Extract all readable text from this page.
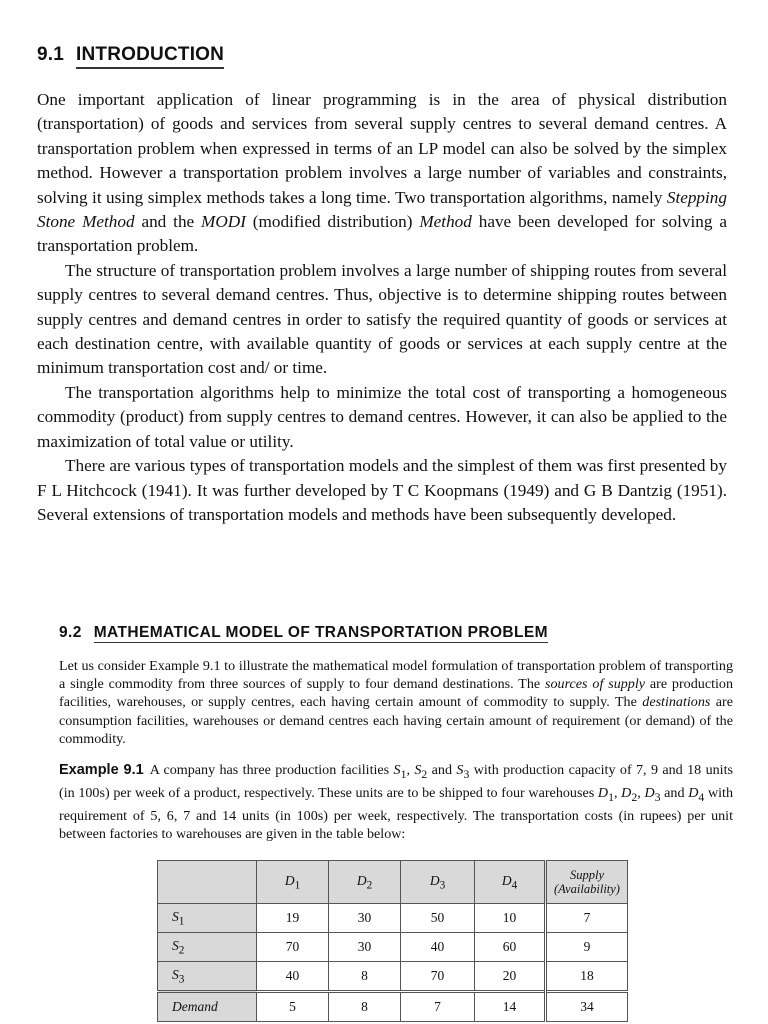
9.1 INTRODUCTION

One important application of linear programming is in the area of physical distribution (transportation) of goods and services from several supply centres to several demand centres. A transportation problem when expressed in terms of an LP model can also be solved by the simplex method. However a transportation problem involves a large number of variables and constraints, solving it using simplex methods takes a long time. Two transportation algorithms, namely Stepping Stone Method and the MODI (modified distribution) Method have been developed for solving a transportation problem.

The structure of transportation problem involves a large number of shipping routes from several supply centres to several demand centres. Thus, objective is to determine shipping routes between supply centres and demand centres in order to satisfy the required quantity of goods or services at each destination centre, with available quantity of goods or services at each supply centre at the minimum transportation cost and/ or time.

The transportation algorithms help to minimize the total cost of transporting a homogeneous commodity (product) from supply centres to demand centres. However, it can also be applied to the maximization of total value or utility.

There are various types of transportation models and the simplest of them was first presented by F L Hitchcock (1941). It was further developed by T C Koopmans (1949) and G B Dantzig (1951). Several extensions of transportation models and methods have been subsequently developed.

9.2 MATHEMATICAL MODEL OF TRANSPORTATION PROBLEM

Let us consider Example 9.1 to illustrate the mathematical model formulation of transportation problem of transporting a single commodity from three sources of supply to four demand destinations. The sources of supply are production facilities, warehouses, or supply centres, each having certain amount of commodity to supply. The destinations are consumption facilities, warehouses or demand centres each having certain amount of requirement (or demand) of the commodity.

Example 9.1 A company has three production facilities $S_1$, $S_2$ and $S_3$ with production capacity of 7, 9 and 18 units (in 100s) per week of a product, respectively. These units are to be shipped to four warehouses $D_1$, $D_2$, $D_3$ and $D_4$ with requirement of 5, 6, 7 and 14 units (in 100s) per week, respectively. The transportation costs (in rupees) per unit between factories to warehouses are given in the table below:

	$D_1$	$D_2$	$D_3$	$D_4$	Supply
(Availability)

$S_1$	19	30	50	10	7
$S_2$	70	30	40	60	9
$S_3$	40	8	70	20	18
Demand	5	8	7	14	34
